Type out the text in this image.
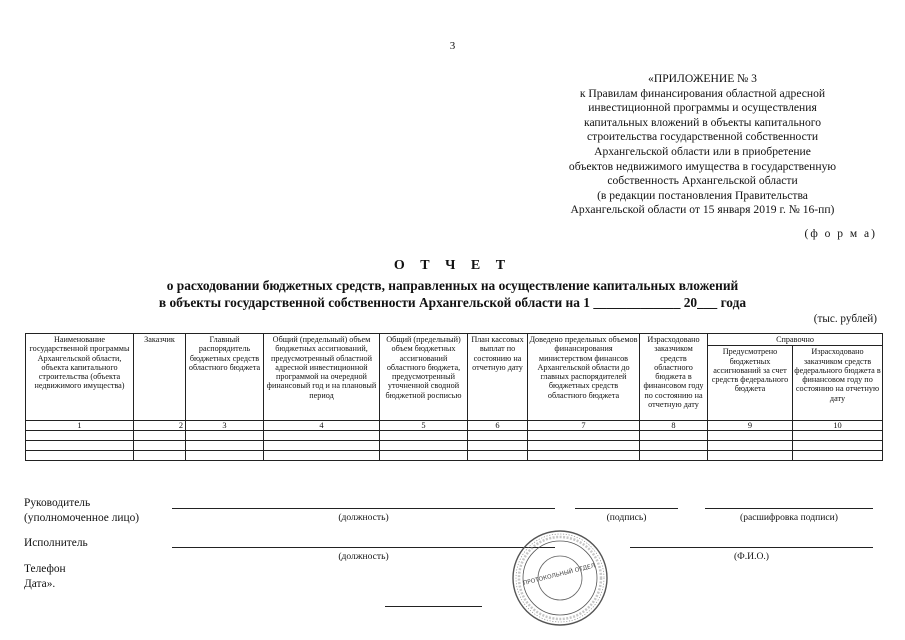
3
«ПРИЛОЖЕНИЕ № 3
к Правилам финансирования областной адресной
инвестиционной программы и осуществления
капитальных вложений в объекты капитального
строительства государственной собственности
Архангельской области или в приобретение
объектов недвижимого имущества в государственную
собственность Архангельской области
(в редакции постановления Правительства
Архангельской области от 15 января 2019 г. № 16-пп)
(ф о р м а)
О Т Ч Е Т
о расходовании бюджетных средств, направленных на осуществление капитальных вложений
в объекты государственной собственности Архангельской области на 1 _____________ 20___ года
(тыс. рублей)
Наименование государственной программы Архангельской области, объекта капитального строительства (объекта недвижимого имущества)	Заказчик	Главный распорядитель бюджетных средств областного бюджета	Общий (предельный) объем бюджетных ассигнований, предусмотренный областной адресной инвестиционной программой на очередной финансовый год и на плановый период	Общий (предельный) объем бюджетных ассигнований областного бюджета, предусмотренный уточненной сводной бюджетной росписью	План кассовых выплат по состоянию на отчетную дату	Доведено предельных объемов финансирования министерством финансов Архангельской области до главных распорядителей бюджетных средств областного бюджета	Израсходовано заказчиком средств областного бюджета в финансовом году по состоянию на отчетную дату	Справочно	
								Предусмотрено бюджетных ассигнований за счет средств федерального бюджета	Израсходовано заказчиком средств федерального бюджета в финансовом году по состоянию на отчетную дату
1	2	3	4	5	6	7	8	9	10

Руководитель
(уполномоченное лицо)	(должность)	(подпись)	(расшифровка подписи)
Исполнитель
(должность)	(Ф.И.О.)
Телефон
Дата».	ПРОТОКОЛЬНЫЙ ОТДЕЛ
